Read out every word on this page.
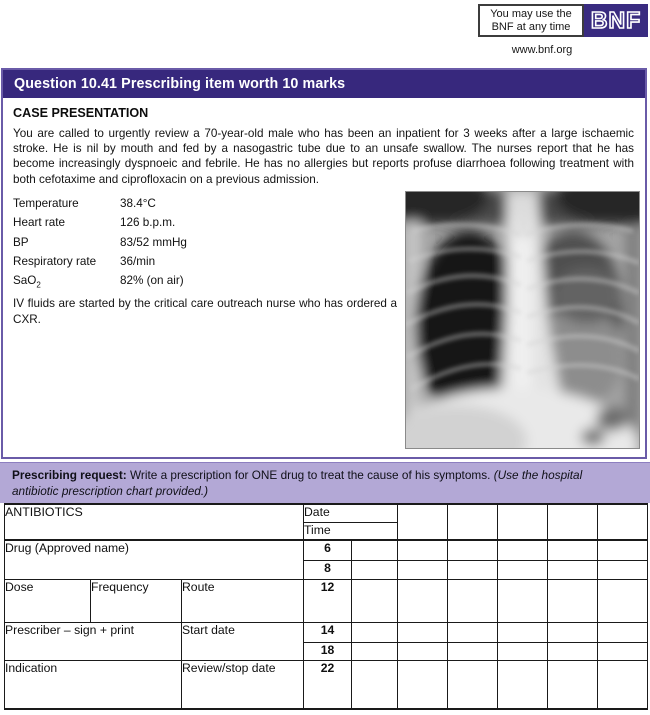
You may use the
BNF at any time BNF
www.bnf.org
Question 10.41 Prescribing item worth 10 marks
CASE PRESENTATION
You are called to urgently review a 70-year-old male who has been an inpatient for 3 weeks after a large ischaemic stroke. He is nil by mouth and fed by a nasogastric tube due to an unsafe swallow. The nurses report that he has become increasingly dyspnoeic and febrile. He has no allergies but reports profuse diarrhoea following treatment with both cefotaxime and ciprofloxacin on a previous admission.
Temperature	38.4°C
Heart rate	126 b.p.m.
BP	83/52 mmHg
Respiratory rate 36/min
SaO$_2$	82% (on air)
IV fluids are started by the critical care outreach nurse who has ordered a CXR.

Prescribing request: Write a prescription for ONE drug to treat the cause of his symptoms. (Use the hospital antibiotic prescription chart provided.)

ANTIBIOTICS			Date						
			Time						
Drug (Approved name)			6						
			8						
Dose	Frequency	Route	12						
Prescriber – sign + print		Start date	14						
			18						
Indication		Review/stop date	22						
